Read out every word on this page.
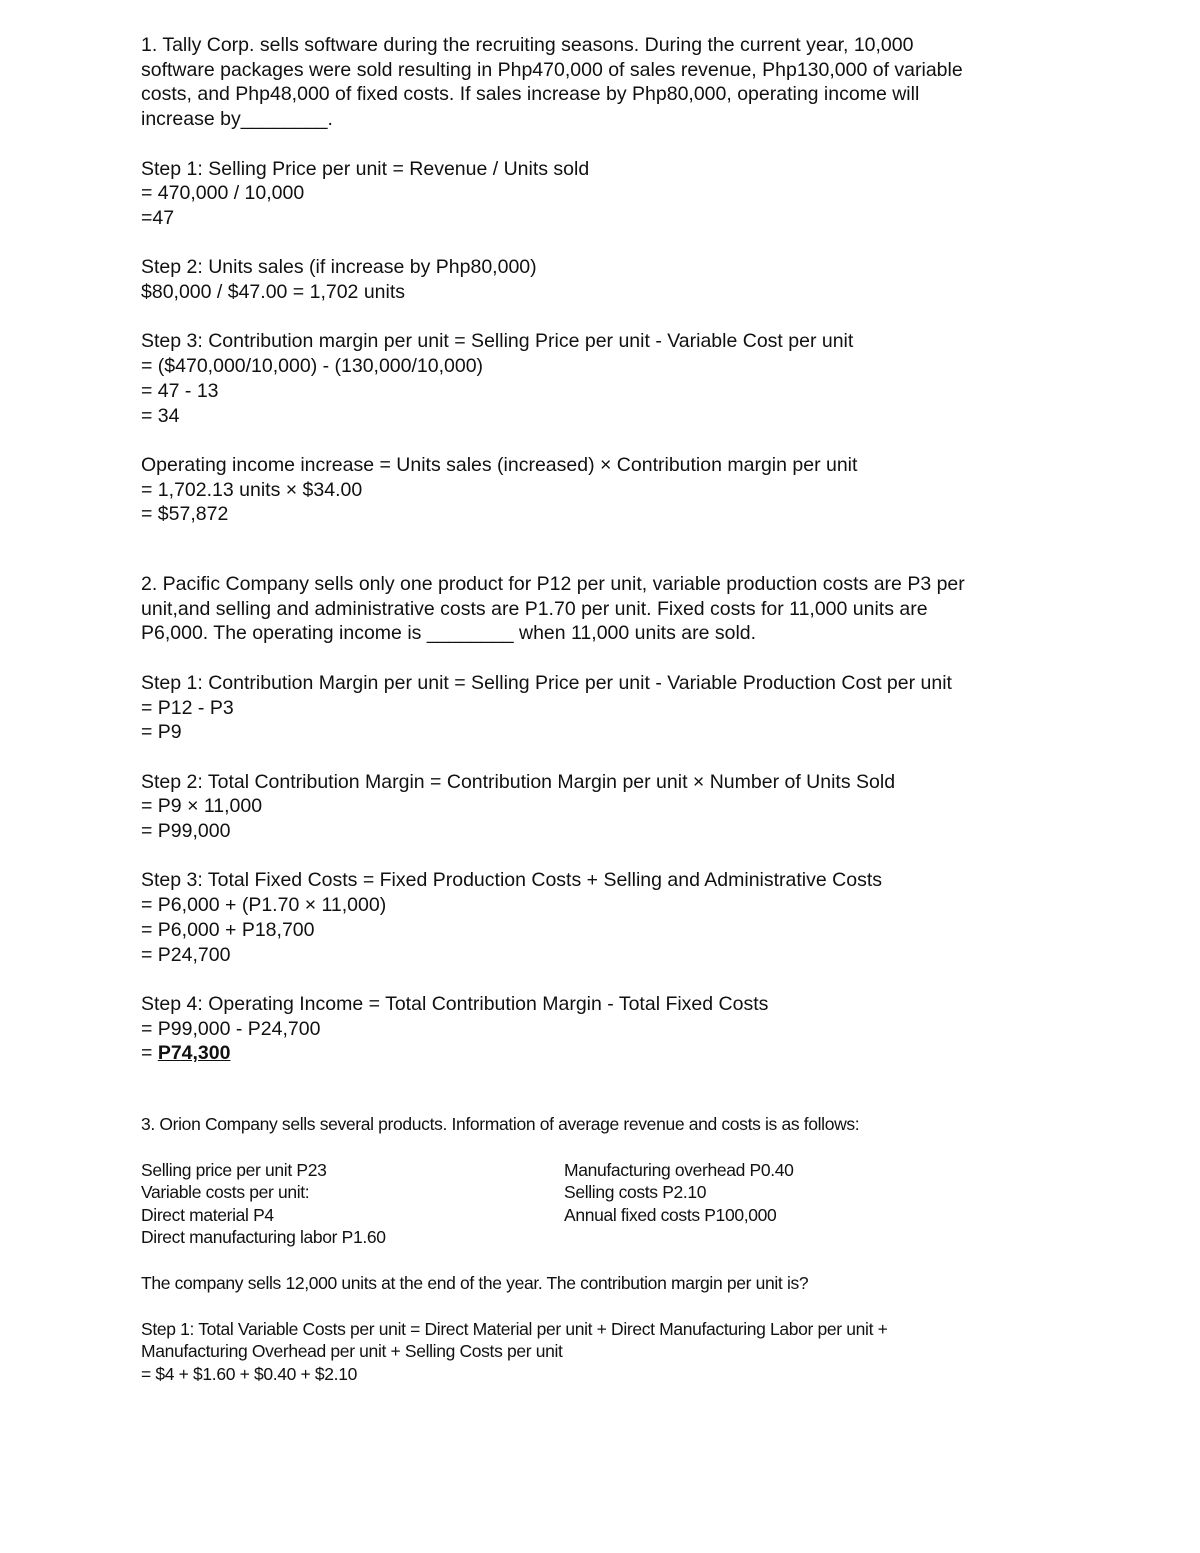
1. Tally Corp. sells software during the recruiting seasons. During the current year, 10,000

software packages were sold resulting in Php470,000 of sales revenue, Php130,000 of variable

costs, and Php48,000 of fixed costs. If sales increase by Php80,000, operating income will

increase by________.

Step 1: Selling Price per unit = Revenue / Units sold

= 470,000 / 10,000

=47

Step 2: Units sales (if increase by Php80,000)

$80,000 / $47.00 = 1,702 units

Step 3: Contribution margin per unit = Selling Price per unit - Variable Cost per unit

= ($470,000/10,000) - (130,000/10,000)

= 47 - 13

= 34

Operating income increase = Units sales (increased) × Contribution margin per unit

= 1,702.13 units × $34.00

= $57,872

2. Pacific Company sells only one product for P12 per unit, variable production costs are P3 per

unit,and selling and administrative costs are P1.70 per unit. Fixed costs for 11,000 units are

P6,000. The operating income is ________ when 11,000 units are sold.

Step 1: Contribution Margin per unit = Selling Price per unit - Variable Production Cost per unit

= P12 - P3

= P9

Step 2: Total Contribution Margin = Contribution Margin per unit × Number of Units Sold

= P9 × 11,000

= P99,000

Step 3: Total Fixed Costs = Fixed Production Costs + Selling and Administrative Costs

= P6,000 + (P1.70 × 11,000)

= P6,000 + P18,700

= P24,700

Step 4: Operating Income = Total Contribution Margin - Total Fixed Costs

= P99,000 - P24,700

= P74,300

3. Orion Company sells several products. Information of average revenue and costs is as follows:

Selling price per unit P23

Variable costs per unit:

Direct material P4

Direct manufacturing labor P1.60

Manufacturing overhead P0.40

Selling costs P2.10

Annual fixed costs P100,000

The company sells 12,000 units at the end of the year. The contribution margin per unit is?

Step 1: Total Variable Costs per unit = Direct Material per unit + Direct Manufacturing Labor per unit +

Manufacturing Overhead per unit + Selling Costs per unit

= $4 + $1.60 + $0.40 + $2.10
